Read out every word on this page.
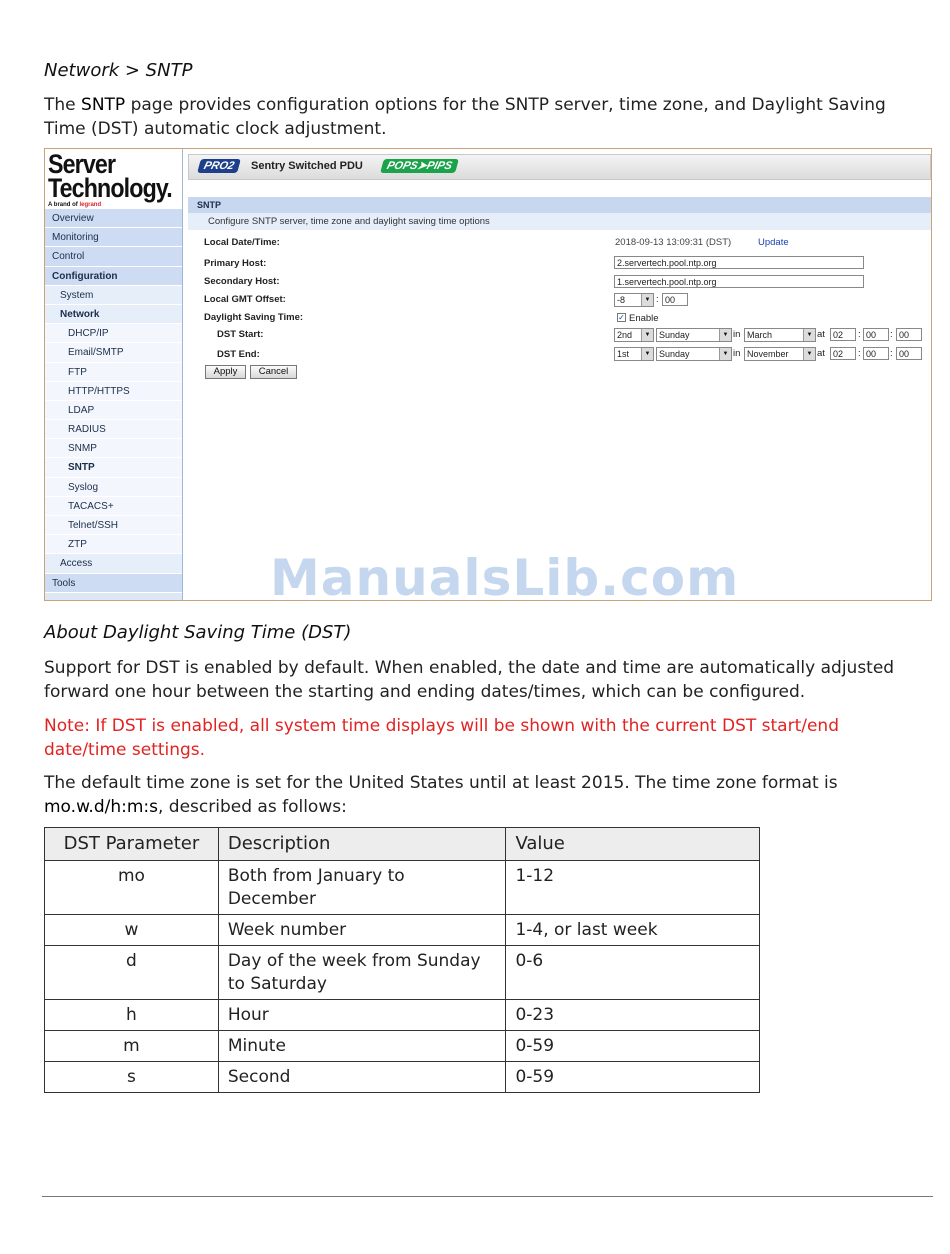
Network > SNTP
The SNTP page provides configuration options for the SNTP server, time zone, and Daylight Saving Time (DST) automatic clock adjustment.
Server
Technology.
A brand of legrand
Overview
Monitoring
Control
Configuration
System
Network
DHCP/IP
Email/SMTP
FTP
HTTP/HTTPS
LDAP
RADIUS
SNMP
SNTP
Syslog
TACACS+
Telnet/SSH
ZTP
Access
Tools
PRO2	Sentry Switched PDU	POPS➤PIPS
SNTP
Configure SNTP server, time zone and daylight saving time options
Local Date/Time:	2018-09-13 13:09:31 (DST)	Update
Primary Host:	2.servertech.pool.ntp.org
Secondary Host:	1.servertech.pool.ntp.org
Local GMT Offset:	-8	▼ : 00
Daylight Saving Time:	✓ Enable
DST Start:	2nd	▼ Sunday	▼ in March	▼ at 02	: 00	: 00
DST End:	1st	▼ Sunday	▼ in November	▼ at 02	: 00	: 00
Apply	Cancel
ManualsLib.com
About Daylight Saving Time (DST)
Support for DST is enabled by default. When enabled, the date and time are automatically adjusted forward one hour between the starting and ending dates/times, which can be configured.
Note: If DST is enabled, all system time displays will be shown with the current DST start/end date/time settings.
The default time zone is set for the United States until at least 2015. The time zone format is mo.w.d/h:m:s, described as follows:
DST Parameter	Description	Value
mo	Both from January to December	1-12
w	Week number	1-4, or last week
d	Day of the week from Sunday to Saturday	0-6
h	Hour	0-23
m	Minute	0-59
s	Second	0-59
